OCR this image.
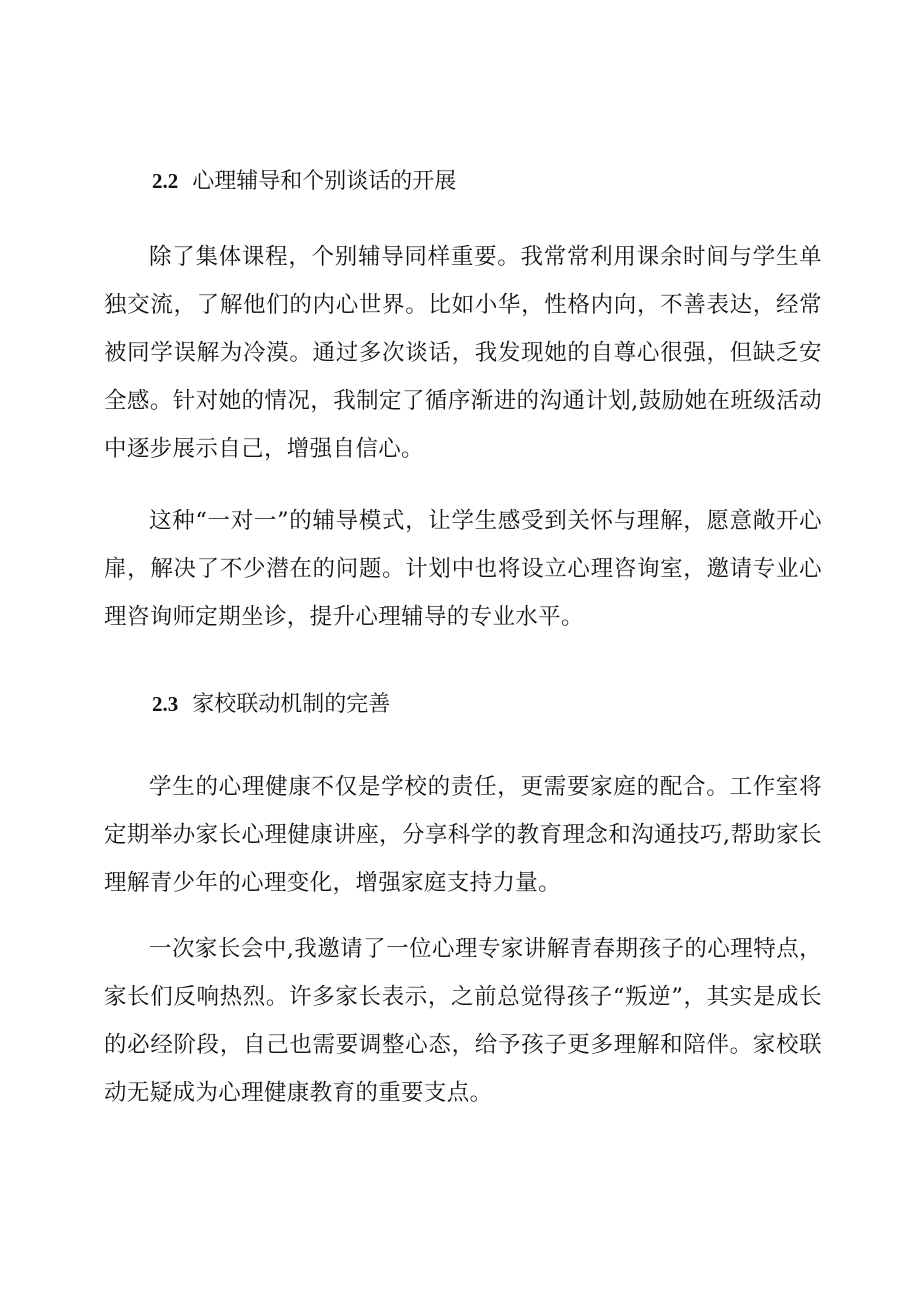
2.2 心理辅导和个别谈话的开展

除了集体课程，个别辅导同样重要。我常常利用课余时间与学生单独交流，了解他们的内心世界。比如小华，性格内向，不善表达，经常被同学误解为冷漠。通过多次谈话，我发现她的自尊心很强，但缺乏安全感。针对她的情况，我制定了循序渐进的沟通计划,鼓励她在班级活动中逐步展示自己，增强自信心。

这种“一对一”的辅导模式，让学生感受到关怀与理解，愿意敞开心扉，解决了不少潜在的问题。计划中也将设立心理咨询室，邀请专业心理咨询师定期坐诊，提升心理辅导的专业水平。

2.3 家校联动机制的完善

学生的心理健康不仅是学校的责任，更需要家庭的配合。工作室将定期举办家长心理健康讲座，分享科学的教育理念和沟通技巧,帮助家长理解青少年的心理变化，增强家庭支持力量。

一次家长会中,我邀请了一位心理专家讲解青春期孩子的心理特点，家长们反响热烈。许多家长表示，之前总觉得孩子“叛逆”，其实是成长的必经阶段，自己也需要调整心态，给予孩子更多理解和陪伴。家校联动无疑成为心理健康教育的重要支点。
